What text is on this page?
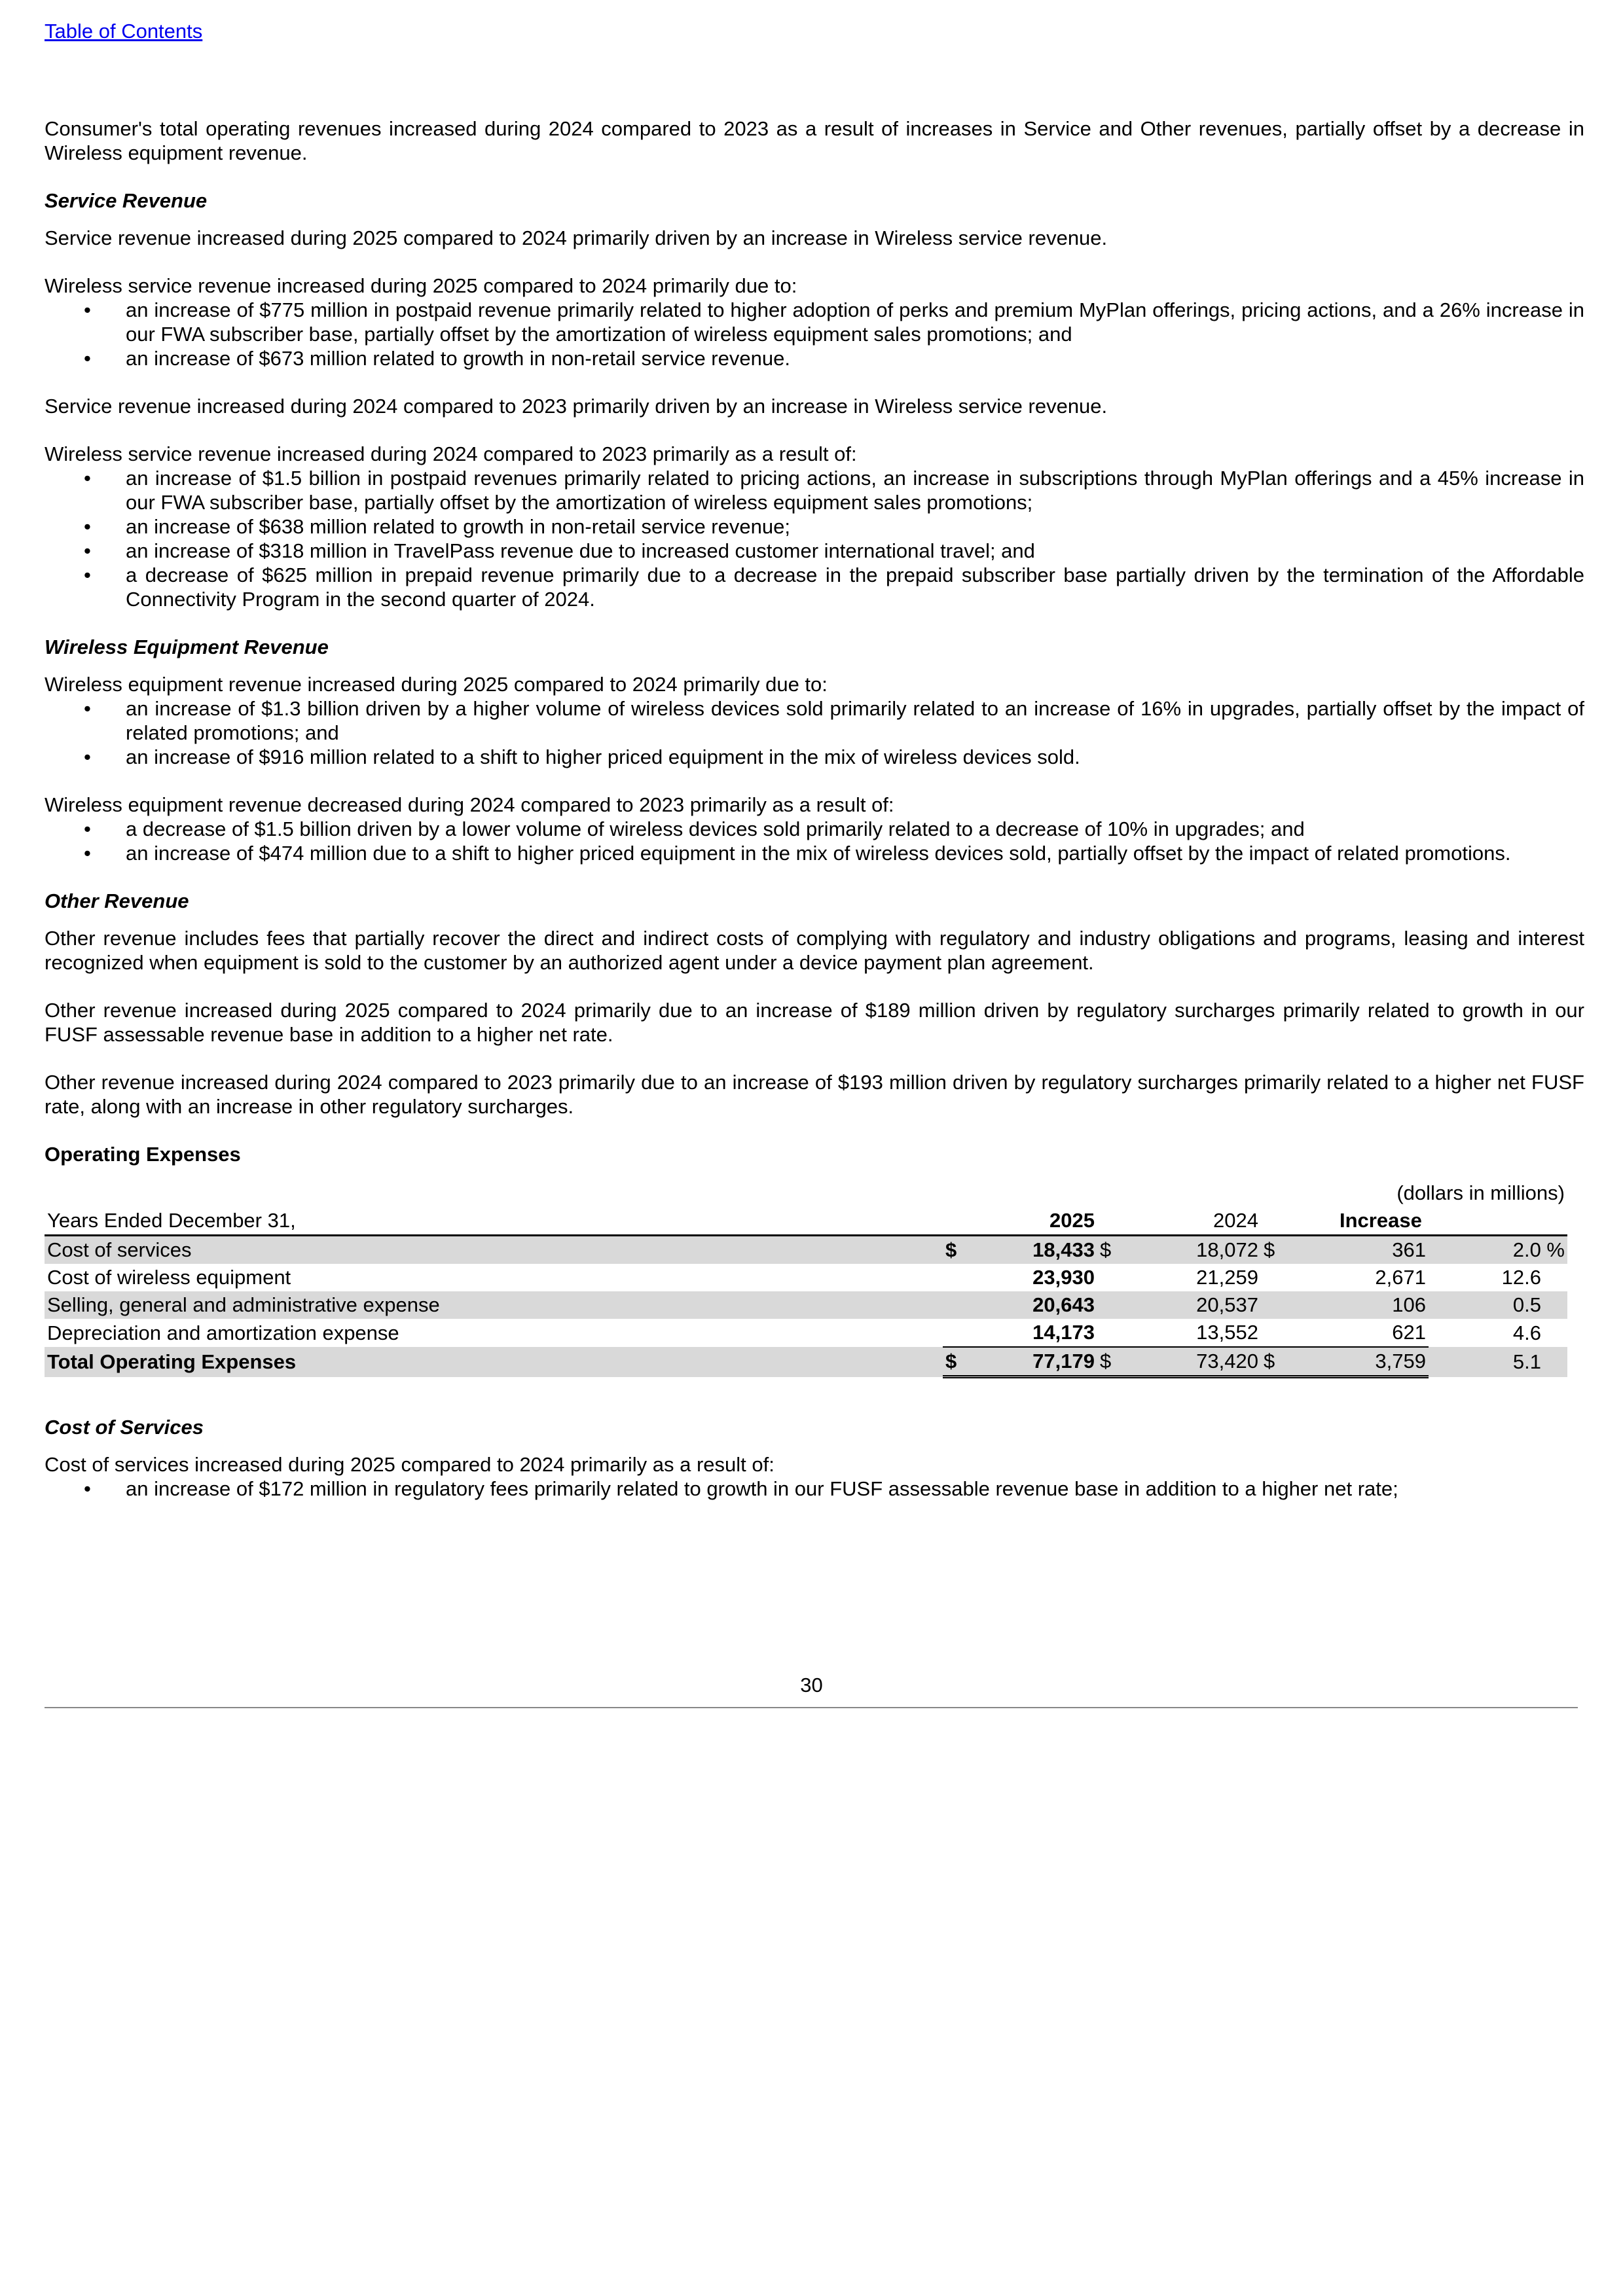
Table of Contents

Consumer's total operating revenues increased during 2024 compared to 2023 as a result of increases in Service and Other revenues, partially offset by a decrease in Wireless equipment revenue.

Service Revenue

Service revenue increased during 2025 compared to 2024 primarily driven by an increase in Wireless service revenue.

Wireless service revenue increased during 2025 compared to 2024 primarily due to:

• an increase of $775 million in postpaid revenue primarily related to higher adoption of perks and premium MyPlan offerings, pricing actions, and a 26% increase in our FWA subscriber base, partially offset by the amortization of wireless equipment sales promotions; and
• an increase of $673 million related to growth in non-retail service revenue.

Service revenue increased during 2024 compared to 2023 primarily driven by an increase in Wireless service revenue.

Wireless service revenue increased during 2024 compared to 2023 primarily as a result of:

• an increase of $1.5 billion in postpaid revenues primarily related to pricing actions, an increase in subscriptions through MyPlan offerings and a 45% increase in our FWA subscriber base, partially offset by the amortization of wireless equipment sales promotions;
• an increase of $638 million related to growth in non-retail service revenue;
• an increase of $318 million in TravelPass revenue due to increased customer international travel; and
• a decrease of $625 million in prepaid revenue primarily due to a decrease in the prepaid subscriber base partially driven by the termination of the Affordable Connectivity Program in the second quarter of 2024.
Wireless Equipment Revenue

Wireless equipment revenue increased during 2025 compared to 2024 primarily due to:

• an increase of $1.3 billion driven by a higher volume of wireless devices sold primarily related to an increase of 16% in upgrades, partially offset by the impact of related promotions; and
• an increase of $916 million related to a shift to higher priced equipment in the mix of wireless devices sold.

Wireless equipment revenue decreased during 2024 compared to 2023 primarily as a result of:

• a decrease of $1.5 billion driven by a lower volume of wireless devices sold primarily related to a decrease of 10% in upgrades; and
• an increase of $474 million due to a shift to higher priced equipment in the mix of wireless devices sold, partially offset by the impact of related promotions.
Other Revenue

Other revenue includes fees that partially recover the direct and indirect costs of complying with regulatory and industry obligations and programs, leasing and interest recognized when equipment is sold to the customer by an authorized agent under a device payment plan agreement.

Other revenue increased during 2025 compared to 2024 primarily due to an increase of $189 million driven by regulatory surcharges primarily related to growth in our FUSF assessable revenue base in addition to a higher net rate.

Other revenue increased during 2024 compared to 2023 primarily due to an increase of $193 million driven by regulatory surcharges primarily related to a higher net FUSF rate, along with an increase in other regulatory surcharges.

Operating Expenses
						(dollars in millions)	
Years Ended December 31,		2025		2024		Increase	
Cost of services	$	18,433	$	18,072	$	361	2.0 %
Cost of wireless equipment		23,930		21,259		2,671	12.6
Selling, general and administrative expense		20,643		20,537		106	0.5
Depreciation and amortization expense		14,173		13,552		621	4.6
Total Operating Expenses	$	77,179	$	73,420	$	3,759	5.1
Cost of Services

Cost of services increased during 2025 compared to 2024 primarily as a result of:

• an increase of $172 million in regulatory fees primarily related to growth in our FUSF assessable revenue base in addition to a higher net rate;
30
